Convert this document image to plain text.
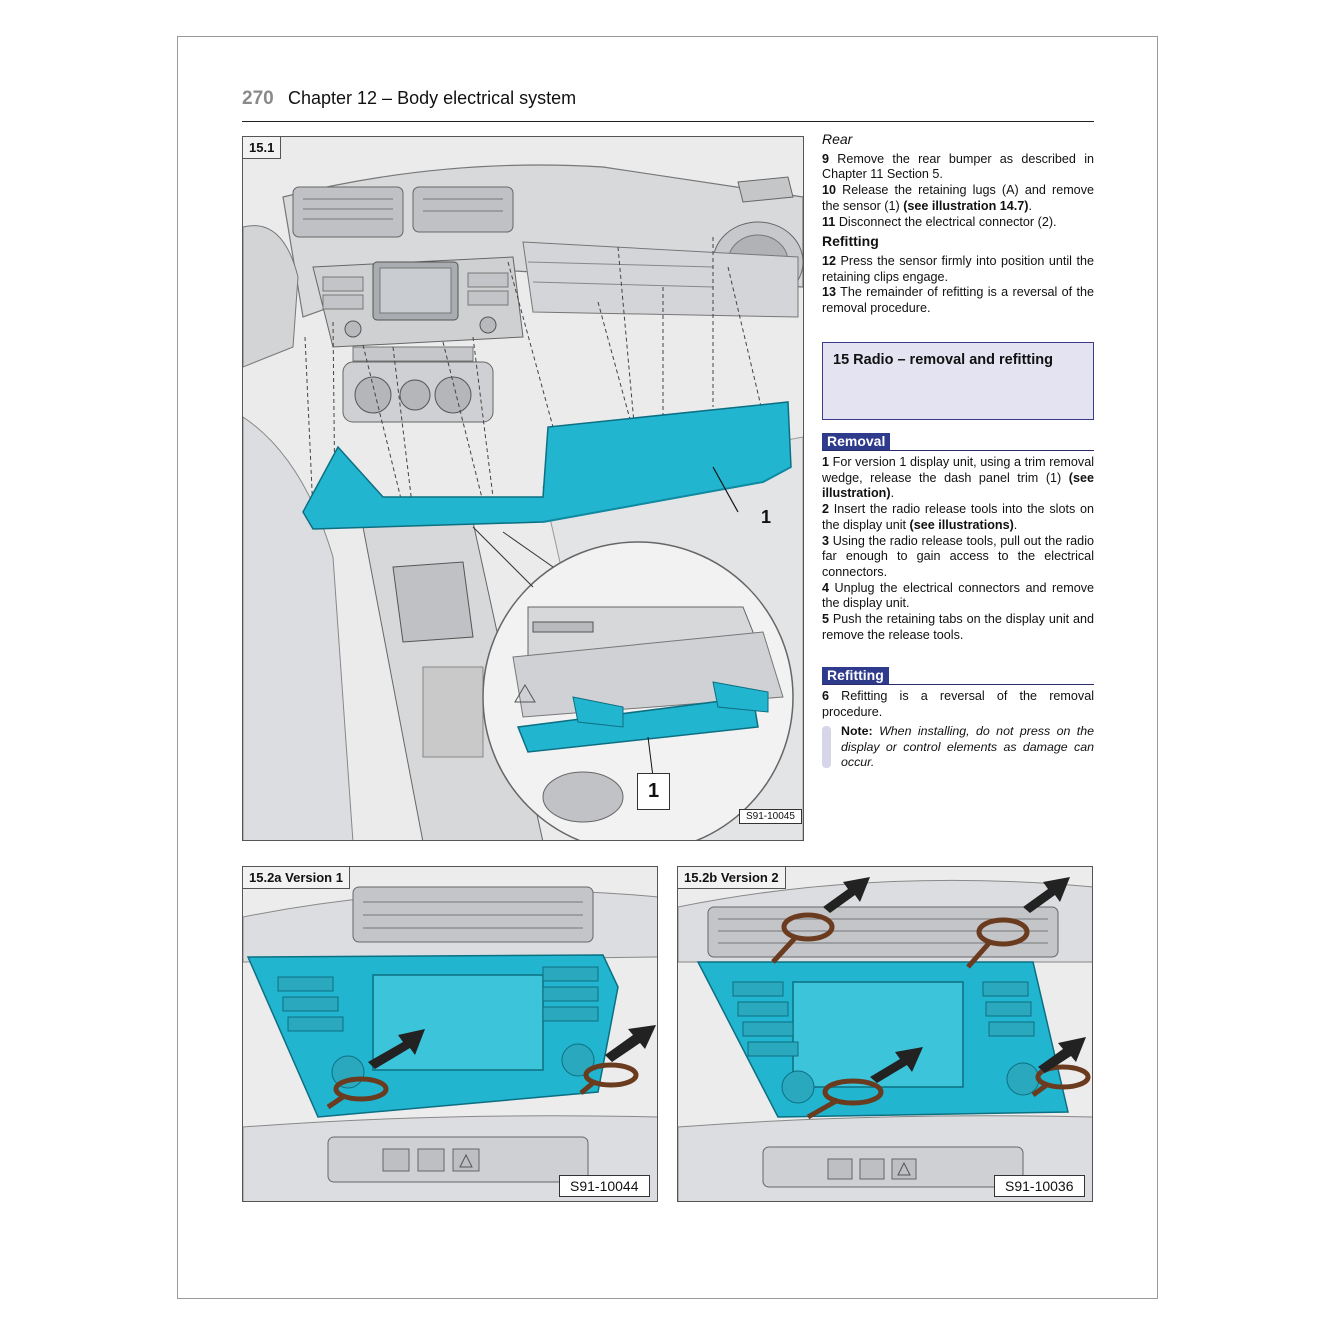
270 Chapter 12 – Body electrical system
15.1
1
1
S91-10045

Rear

9 Remove the rear bumper as described in Chapter 11 Section 5.

10 Release the retaining lugs (A) and remove the sensor (1) (see illustration 14.7).

11 Disconnect the electrical connector (2).

Refitting

12 Press the sensor firmly into position until the retaining clips engage.

13 The remainder of refitting is a reversal of the removal procedure.

15 Radio – removal and refitting
Removal

1 For version 1 display unit, using a trim removal wedge, release the dash panel trim (1) (see illustration).

2 Insert the radio release tools into the slots on the display unit (see illustrations).

3 Using the radio release tools, pull out the radio far enough to gain access to the electrical connectors.

4 Unplug the electrical connectors and remove the display unit.

5 Push the retaining tabs on the display unit and remove the release tools.

Refitting

6 Refitting is a reversal of the removal procedure.

Note: When installing, do not press on the display or control elements as damage can occur.

15.2a Version 1
S91-10044
15.2b Version 2
S91-10036
